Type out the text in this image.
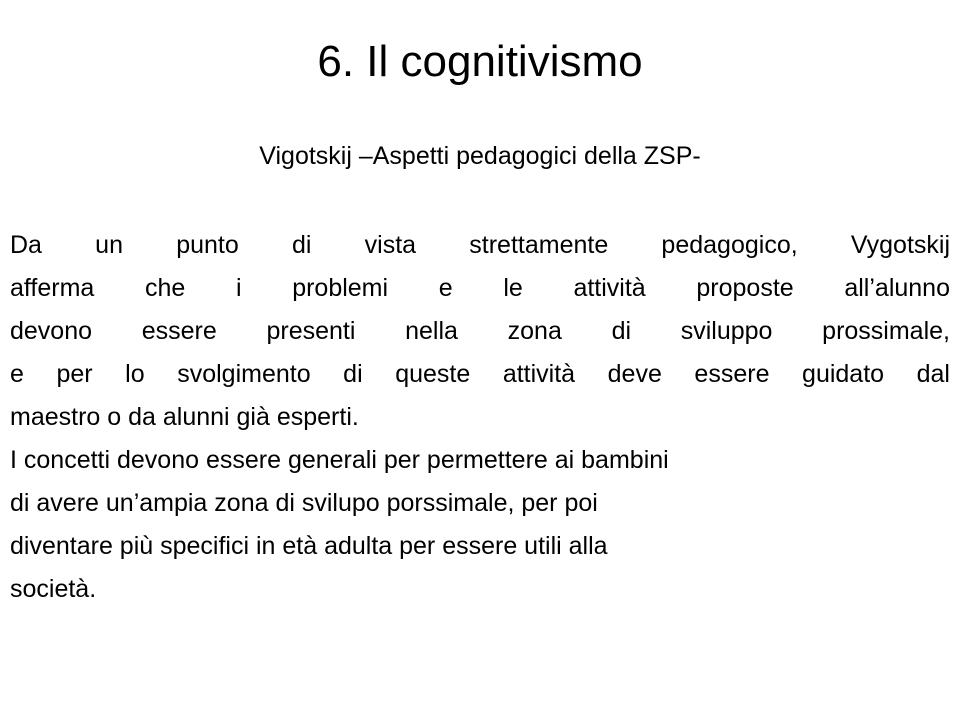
6. Il cognitivismo
Vigotskij –Aspetti pedagogici della ZSP-
Da un punto di vista strettamente pedagogico, Vygotskij
afferma che i problemi e le attività proposte all’alunno
devono essere presenti nella zona di sviluppo prossimale,
e per lo svolgimento di queste attività deve essere guidato dal
maestro o da alunni già esperti.
I concetti devono essere generali per permettere ai bambini
di avere un’ampia zona di svilupo porssimale, per poi
diventare più specifici in età adulta per essere utili alla
società.
